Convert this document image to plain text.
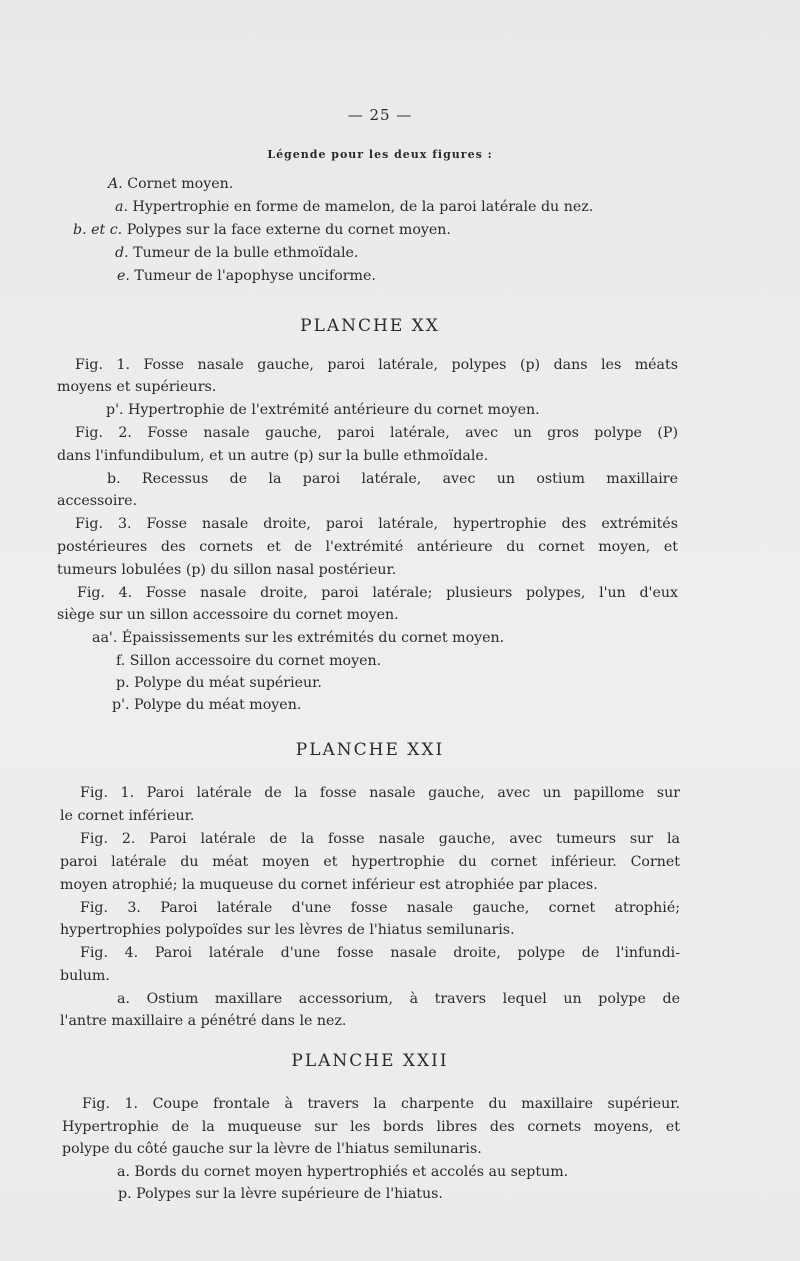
— 25 —
Légende pour les deux figures :
A. Cornet moyen.
a. Hypertrophie en forme de mamelon, de la paroi latérale du nez.
b. et c. Polypes sur la face externe du cornet moyen.
d. Tumeur de la bulle ethmoïdale.
e. Tumeur de l'apophyse unciforme.
PLANCHE XX
Fig. 1. Fosse nasale gauche, paroi latérale, polypes (p) dans les méats
moyens et supérieurs.
p'. Hypertrophie de l'extrémité antérieure du cornet moyen.
Fig. 2. Fosse nasale gauche, paroi latérale, avec un gros polype (P)
dans l'infundibulum, et un autre (p) sur la bulle ethmoïdale.
b. Recessus de la paroi latérale, avec un ostium maxillaire
accessoire.
Fig. 3. Fosse nasale droite, paroi latérale, hypertrophie des extrémités
postérieures des cornets et de l'extrémité antérieure du cornet moyen, et
tumeurs lobulées (p) du sillon nasal postérieur.
Fig. 4. Fosse nasale droite, paroi latérale; plusieurs polypes, l'un d'eux
siège sur un sillon accessoire du cornet moyen.
aa'. Épaississements sur les extrémités du cornet moyen.
f. Sillon accessoire du cornet moyen.
p. Polype du méat supérieur.
p'. Polype du méat moyen.
PLANCHE XXI
Fig. 1. Paroi latérale de la fosse nasale gauche, avec un papillome sur
le cornet inférieur.
Fig. 2. Paroi latérale de la fosse nasale gauche, avec tumeurs sur la
paroi latérale du méat moyen et hypertrophie du cornet inférieur. Cornet
moyen atrophié; la muqueuse du cornet inférieur est atrophiée par places.
Fig. 3. Paroi latérale d'une fosse nasale gauche, cornet atrophié;
hypertrophies polypoïdes sur les lèvres de l'hiatus semilunaris.
Fig. 4. Paroi latérale d'une fosse nasale droite, polype de l'infundi-
bulum.
a. Ostium maxillare accessorium, à travers lequel un polype de
l'antre maxillaire a pénétré dans le nez.
PLANCHE XXII
Fig. 1. Coupe frontale à travers la charpente du maxillaire supérieur.
Hypertrophie de la muqueuse sur les bords libres des cornets moyens, et
polype du côté gauche sur la lèvre de l'hiatus semilunaris.
a. Bords du cornet moyen hypertrophiés et accolés au septum.
p. Polypes sur la lèvre supérieure de l'hiatus.
